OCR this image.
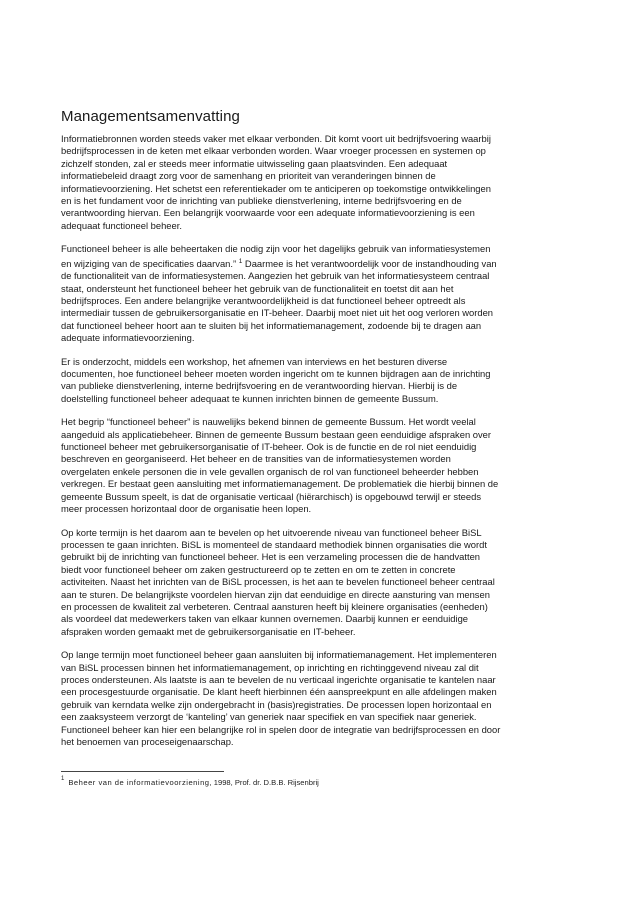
Managementsamenvatting

Informatiebronnen worden steeds vaker met elkaar verbonden. Dit komt voort uit bedrijfsvoering waarbij
bedrijfsprocessen in de keten met elkaar verbonden worden. Waar vroeger processen en systemen op
zichzelf stonden, zal er steeds meer informatie uitwisseling gaan plaatsvinden. Een adequaat
informatiebeleid draagt zorg voor de samenhang en prioriteit van veranderingen binnen de
informatievoorziening. Het schetst een referentiekader om te anticiperen op toekomstige ontwikkelingen
en is het fundament voor de inrichting van publieke dienstverlening, interne bedrijfsvoering en de
verantwoording hiervan. Een belangrijk voorwaarde voor een adequate informatievoorziening is een
adequaat functioneel beheer.

Functioneel beheer is alle beheertaken die nodig zijn voor het dagelijks gebruik van informatiesystemen
en wijziging van de specificaties daarvan.” $^1$ Daarmee is het verantwoordelijk voor de instandhouding van
de functionaliteit van de informatiesystemen. Aangezien het gebruik van het informatiesysteem centraal
staat, ondersteunt het functioneel beheer het gebruik van de functionaliteit en toetst dit aan het
bedrijfsproces. Een andere belangrijke verantwoordelijkheid is dat functioneel beheer optreedt als
intermediair tussen de gebruikersorganisatie en IT-beheer. Daarbij moet niet uit het oog verloren worden
dat functioneel beheer hoort aan te sluiten bij het informatiemanagement, zodoende bij te dragen aan
adequate informatievoorziening.

Er is onderzocht, middels een workshop, het afnemen van interviews en het besturen diverse
documenten, hoe functioneel beheer moeten worden ingericht om te kunnen bijdragen aan de inrichting
van publieke dienstverlening, interne bedrijfsvoering en de verantwoording hiervan. Hierbij is de
doelstelling functioneel beheer adequaat te kunnen inrichten binnen de gemeente Bussum.

Het begrip “functioneel beheer” is nauwelijks bekend binnen de gemeente Bussum. Het wordt veelal
aangeduid als applicatiebeheer. Binnen de gemeente Bussum bestaan geen eenduidige afspraken over
functioneel beheer met gebruikersorganisatie of IT-beheer. Ook is de functie en de rol niet eenduidig
beschreven en georganiseerd. Het beheer en de transities van de informatiesystemen worden
overgelaten enkele personen die in vele gevallen organisch de rol van functioneel beheerder hebben
verkregen. Er bestaat geen aansluiting met informatiemanagement. De problematiek die hierbij binnen de
gemeente Bussum speelt, is dat de organisatie verticaal (hiërarchisch) is opgebouwd terwijl er steeds
meer processen horizontaal door de organisatie heen lopen.

Op korte termijn is het daarom aan te bevelen op het uitvoerende niveau van functioneel beheer BiSL
processen te gaan inrichten. BiSL is momenteel de standaard methodiek binnen organisaties die wordt
gebruikt bij de inrichting van functioneel beheer. Het is een verzameling processen die de handvatten
biedt voor functioneel beheer om zaken gestructureerd op te zetten en om te zetten in concrete
activiteiten. Naast het inrichten van de BiSL processen, is het aan te bevelen functioneel beheer centraal
aan te sturen. De belangrijkste voordelen hiervan zijn dat eenduidige en directe aansturing van mensen
en processen de kwaliteit zal verbeteren. Centraal aansturen heeft bij kleinere organisaties (eenheden)
als voordeel dat medewerkers taken van elkaar kunnen overnemen. Daarbij kunnen er eenduidige
afspraken worden gemaakt met de gebruikersorganisatie en IT-beheer.

Op lange termijn moet functioneel beheer gaan aansluiten bij informatiemanagement. Het implementeren
van BiSL processen binnen het informatiemanagement, op inrichting en richtinggevend niveau zal dit
proces ondersteunen. Als laatste is aan te bevelen de nu verticaal ingerichte organisatie te kantelen naar
een procesgestuurde organisatie. De klant heeft hierbinnen één aanspreekpunt en alle afdelingen maken
gebruik van kerndata welke zijn ondergebracht in (basis)registraties. De processen lopen horizontaal en
een zaaksysteem verzorgt de ‘kanteling’ van generiek naar specifiek en van specifiek naar generiek.
Functioneel beheer kan hier een belangrijke rol in spelen door de integratie van bedrijfsprocessen en door
het benoemen van proceseigenaarschap.

$^1$ Beheer van de informatievoorziening, 1998, Prof. dr. D.B.B. Rijsenbrij
